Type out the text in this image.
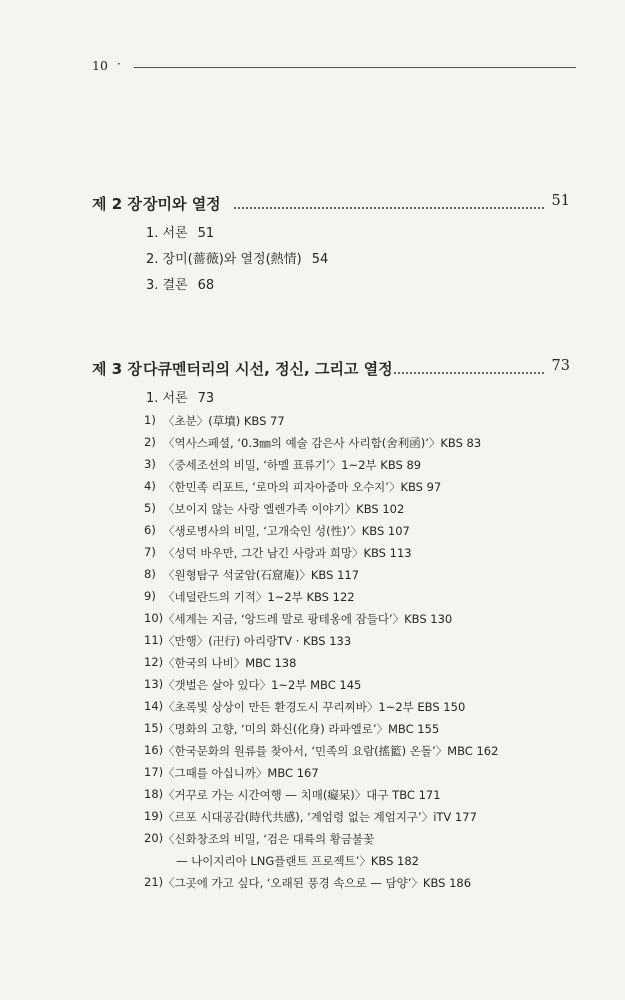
10 ·
제 2 장 장미와 열정	51
1. 서론 51
2. 장미(薔薇)와 열정(熱情) 54
3. 결론 68
제 3 장 다큐멘터리의 시선, 정신, 그리고 열정	73
1. 서론 73
1) 〈초분〉(草墳) KBS 77
2) 〈역사스페셜, ‘0.3㎜의 예술 감은사 사리함(舍利函)’〉KBS 83
3) 〈중세조선의 비밀, ‘하멜 표류기’〉1~2부 KBS 89
4) 〈한민족 리포트, ‘로마의 피자아줌마 오수지’〉KBS 97
5) 〈보이지 않는 사랑 엘렌가족 이야기〉KBS 102
6) 〈생로병사의 비밀, ‘고개숙인 성(性)’〉KBS 107
7) 〈성덕 바우만, 그간 남긴 사랑과 희망〉KBS 113
8) 〈원형탐구 석굴암(石窟庵)〉KBS 117
9) 〈네덜란드의 기적〉1~2부 KBS 122
10) 〈세계는 지금, ‘앙드레 말로 팡테옹에 잠들다’〉KBS 130
11) 〈만행〉(卍行) 아리랑TV · KBS 133
12) 〈한국의 나비〉MBC 138
13) 〈갯벌은 살아 있다〉1~2부 MBC 145
14) 〈초록빛 상상이 만든 환경도시 꾸리찌바〉1~2부 EBS 150
15) 〈명화의 고향, ‘미의 화신(化身) 라파엘로’〉MBC 155
16) 〈한국문화의 원류를 찾아서, ‘민족의 요람(搖籃) 온돌’〉MBC 162
17) 〈그때를 아십니까〉MBC 167
18) 〈거꾸로 가는 시간여행 — 치매(癡呆)〉대구 TBC 171
19) 〈르포 시대공감(時代共感), ‘계엄령 없는 계엄지구’〉iTV 177
20) 〈신화창조의 비밀, ‘검은 대륙의 황금불꽃
— 나이지리아 LNG플랜트 프로젝트’〉KBS 182
21) 〈그곳에 가고 싶다, ‘오래된 풍경 속으로 — 담양’〉KBS 186
